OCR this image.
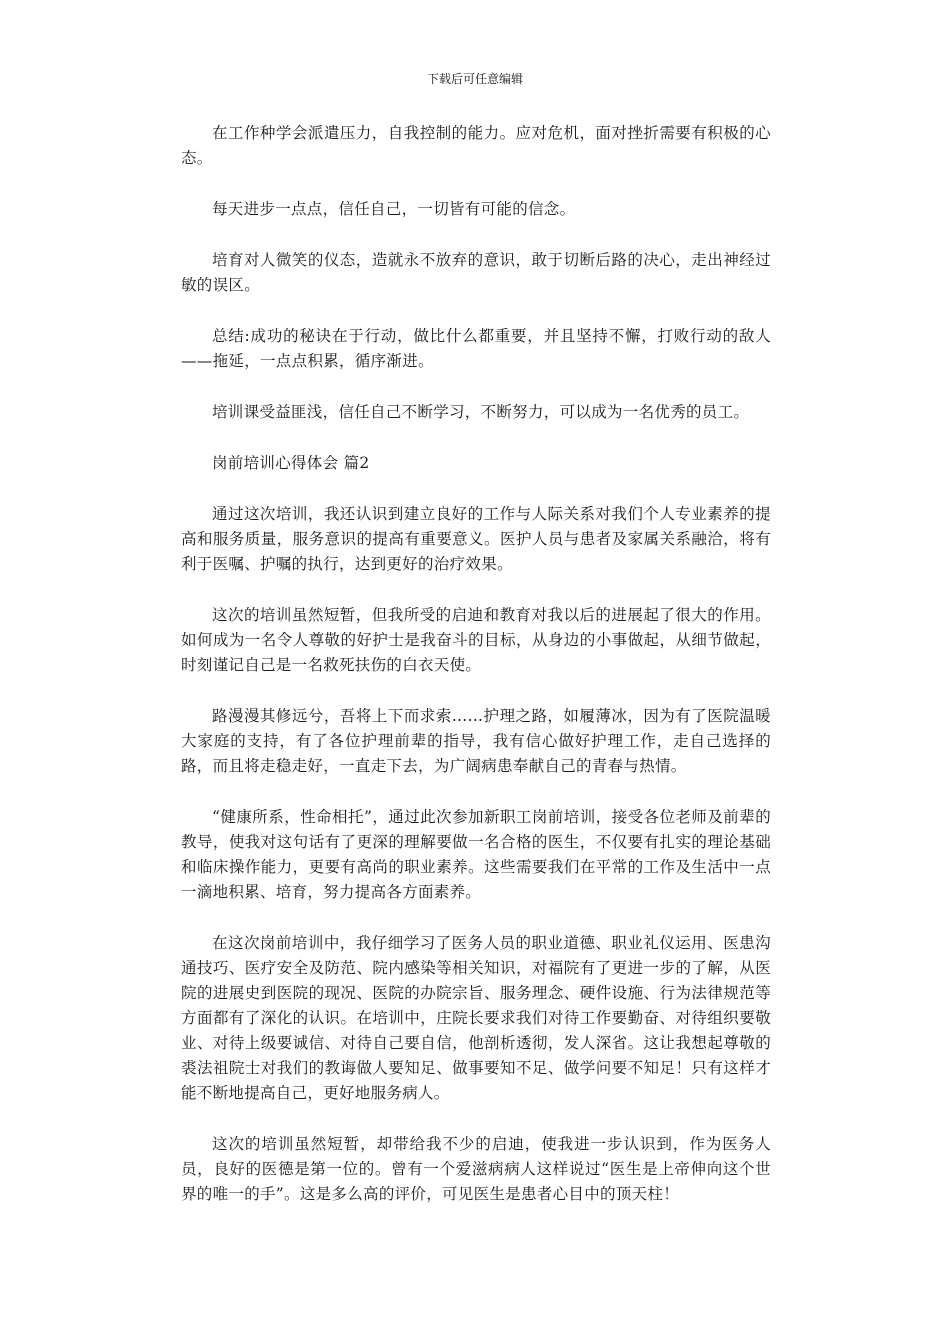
下载后可任意编辑

在工作种学会派遣压力，自我控制的能力。应对危机，面对挫折需要有积极的心态。

每天进步一点点，信任自己，一切皆有可能的信念。

培育对人微笑的仪态，造就永不放弃的意识，敢于切断后路的决心，走出神经过敏的误区。

总结:成功的秘诀在于行动，做比什么都重要，并且坚持不懈，打败行动的敌人——拖延，一点点积累，循序渐进。

培训课受益匪浅，信任自己不断学习，不断努力，可以成为一名优秀的员工。

岗前培训心得体会 篇2

通过这次培训，我还认识到建立良好的工作与人际关系对我们个人专业素养的提高和服务质量，服务意识的提高有重要意义。医护人员与患者及家属关系融洽，将有利于医嘱、护嘱的执行，达到更好的治疗效果。

这次的培训虽然短暂，但我所受的启迪和教育对我以后的进展起了很大的作用。如何成为一名令人尊敬的好护士是我奋斗的目标，从身边的小事做起，从细节做起，时刻谨记自己是一名救死扶伤的白衣天使。

路漫漫其修远兮，吾将上下而求索……护理之路，如履薄冰，因为有了医院温暖大家庭的支持，有了各位护理前辈的指导，我有信心做好护理工作，走自己选择的路，而且将走稳走好，一直走下去，为广阔病患奉献自己的青春与热情。

“健康所系，性命相托”，通过此次参加新职工岗前培训，接受各位老师及前辈的教导，使我对这句话有了更深的理解要做一名合格的医生，不仅要有扎实的理论基础和临床操作能力，更要有高尚的职业素养。这些需要我们在平常的工作及生活中一点一滴地积累、培育，努力提高各方面素养。

在这次岗前培训中，我仔细学习了医务人员的职业道德、职业礼仪运用、医患沟通技巧、医疗安全及防范、院内感染等相关知识，对福院有了更进一步的了解，从医院的进展史到医院的现况、医院的办院宗旨、服务理念、硬件设施、行为法律规范等方面都有了深化的认识。在培训中，庄院长要求我们对待工作要勤奋、对待组织要敬业、对待上级要诚信、对待自己要自信，他剖析透彻，发人深省。这让我想起尊敬的裘法祖院士对我们的教诲做人要知足、做事要知不足、做学问要不知足！只有这样才能不断地提高自己，更好地服务病人。

这次的培训虽然短暂，却带给我不少的启迪，使我进一步认识到，作为医务人员，良好的医德是第一位的。曾有一个爱滋病病人这样说过“医生是上帝伸向这个世界的唯一的手”。这是多么高的评价，可见医生是患者心目中的顶天柱！
